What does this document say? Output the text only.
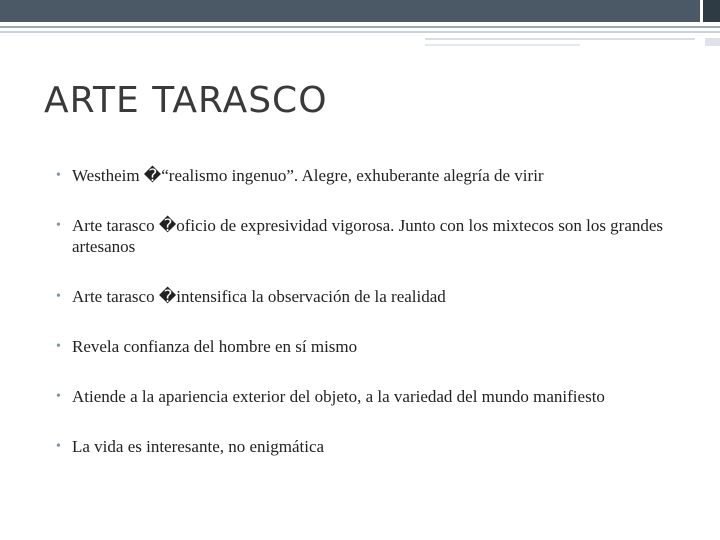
ARTE TARASCO
• Westheim �“realismo ingenuo”. Alegre, exhuberante alegría de virir
• Arte tarasco �oficio de expresividad vigorosa. Junto con los mixtecos son los grandes artesanos
• Arte tarasco �intensifica la observación de la realidad
• Revela confianza del hombre en sí mismo
• Atiende a la apariencia exterior del objeto, a la variedad del mundo manifiesto
• La vida es interesante, no enigmática
